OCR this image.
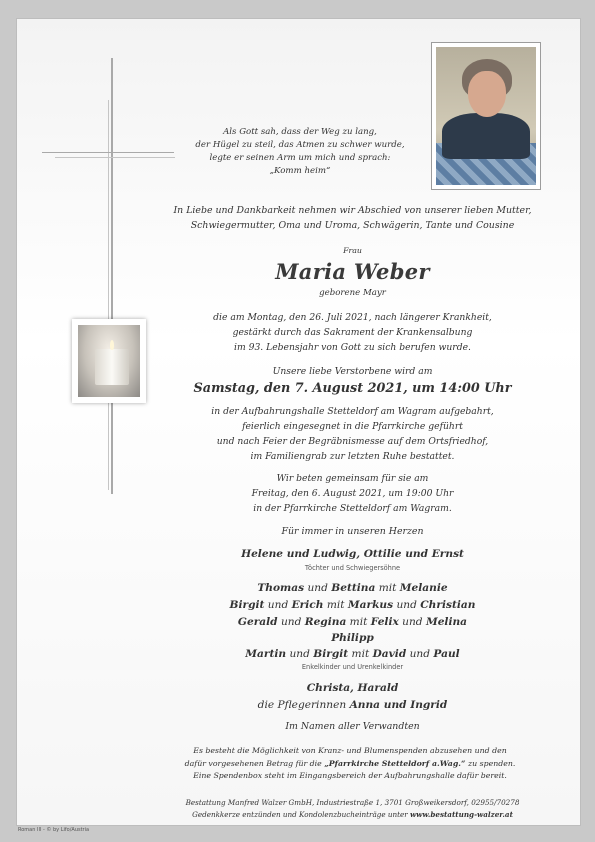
Als Gott sah, dass der Weg zu lang,
der Hügel zu steil, das Atmen zu schwer wurde,
legte er seinen Arm um mich und sprach:
„Komm heim“
In Liebe und Dankbarkeit nehmen wir Abschied von unserer lieben Mutter,
Schwiegermutter, Oma und Uroma, Schwägerin, Tante und Cousine
Frau
Maria Weber
geborene Mayr
die am Montag, den 26. Juli 2021, nach längerer Krankheit,
gestärkt durch das Sakrament der Krankensalbung
im 93. Lebensjahr von Gott zu sich berufen wurde.
Unsere liebe Verstorbene wird am
Samstag, den 7. August 2021, um 14:00 Uhr
in der Aufbahrungshalle Stetteldorf am Wagram aufgebahrt,
feierlich eingesegnet in die Pfarrkirche geführt
und nach Feier der Begräbnismesse auf dem Ortsfriedhof,
im Familiengrab zur letzten Ruhe bestattet.
Wir beten gemeinsam für sie am
Freitag, den 6. August 2021, um 19:00 Uhr
in der Pfarrkirche Stetteldorf am Wagram.
Für immer in unseren Herzen
Helene und Ludwig, Ottilie und Ernst
Töchter und Schwiegersöhne
Thomas und Bettina mit Melanie
Birgit und Erich mit Markus und Christian
Gerald und Regina mit Felix und Melina
Philipp
Martin und Birgit mit David und Paul
Enkelkinder und Urenkelkinder
Christa, Harald
die Pflegerinnen Anna und Ingrid
Im Namen aller Verwandten
Es besteht die Möglichkeit von Kranz- und Blumenspenden abzusehen und den
dafür vorgesehenen Betrag für die „Pfarrkirche Stetteldorf a.Wag.“ zu spenden.
Eine Spendenbox steht im Eingangsbereich der Aufbahrungshalle dafür bereit.
Bestattung Manfred Walzer GmbH, Industriestraße 1, 3701 Großweikersdorf, 02955/70278
Gedenkkerze entzünden und Kondolenzbucheinträge unter www.bestattung-walzer.at
Roman III - © by Lifo/Austria
